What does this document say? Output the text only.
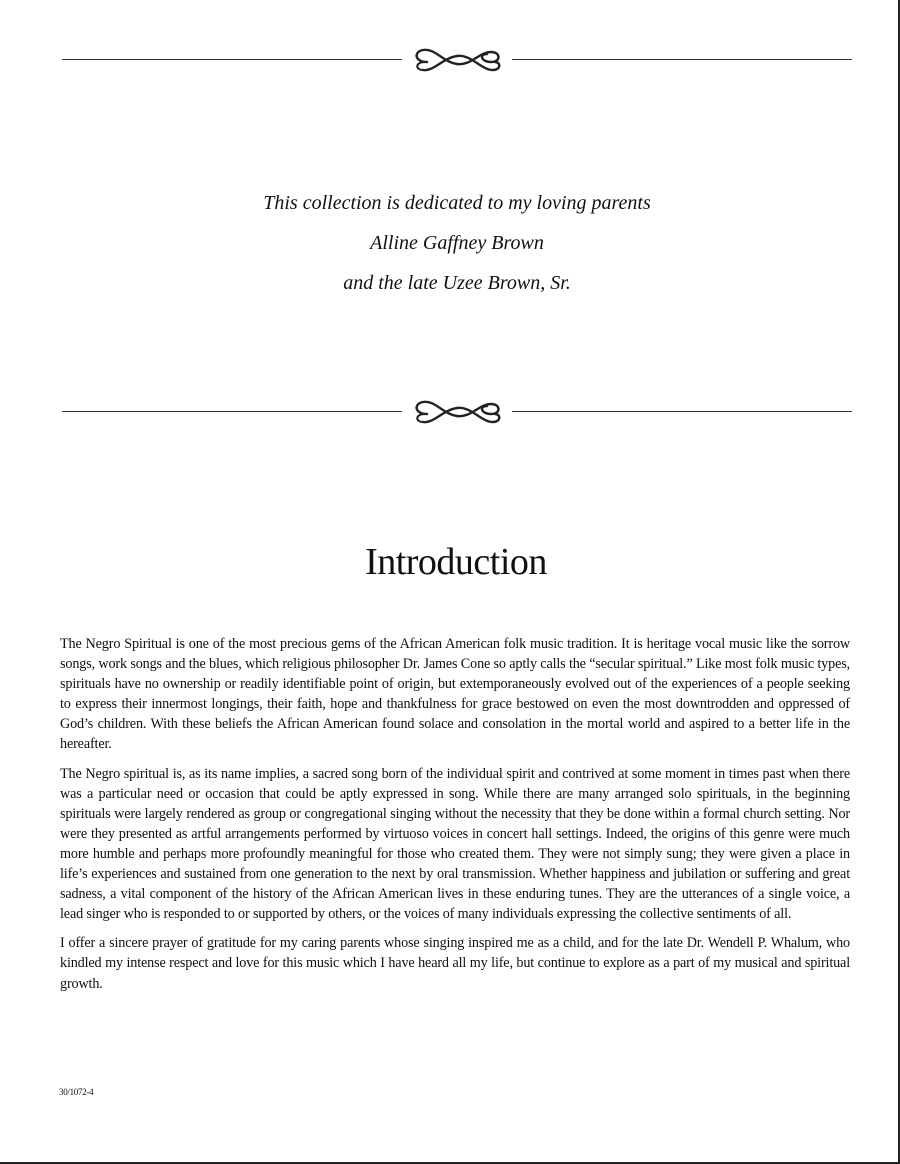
This collection is dedicated to my loving parents
Alline Gaffney Brown
and the late Uzee Brown, Sr.
Introduction

The Negro Spiritual is one of the most precious gems of the African American folk music tradition. It is heritage vocal music like the sorrow songs, work songs and the blues, which religious philosopher Dr. James Cone so aptly calls the “secular spiritual.” Like most folk music types, spirituals have no ownership or readily identifiable point of origin, but extemporaneously evolved out of the experiences of a people seeking to express their innermost longings, their faith, hope and thankfulness for grace bestowed on even the most downtrodden and oppressed of God’s children. With these beliefs the African American found solace and consolation in the mortal world and aspired to a better life in the hereafter.

The Negro spiritual is, as its name implies, a sacred song born of the individual spirit and contrived at some moment in times past when there was a particular need or occasion that could be aptly expressed in song. While there are many arranged solo spirituals, in the beginning spirituals were largely rendered as group or congregational singing without the necessity that they be done within a formal church setting. Nor were they presented as artful arrangements performed by virtuoso voices in concert hall settings. Indeed, the origins of this genre were much more humble and perhaps more profoundly meaningful for those who created them. They were not simply sung; they were given a place in life’s experiences and sustained from one generation to the next by oral transmission. Whether happiness and jubilation or suffering and great sadness, a vital component of the history of the African American lives in these enduring tunes. They are the utterances of a single voice, a lead singer who is responded to or supported by others, or the voices of many individuals expressing the collective sentiments of all.

I offer a sincere prayer of gratitude for my caring parents whose singing inspired me as a child, and for the late Dr. Wendell P. Whalum, who kindled my intense respect and love for this music which I have heard all my life, but continue to explore as a part of my musical and spiritual growth.

30/1072-4
